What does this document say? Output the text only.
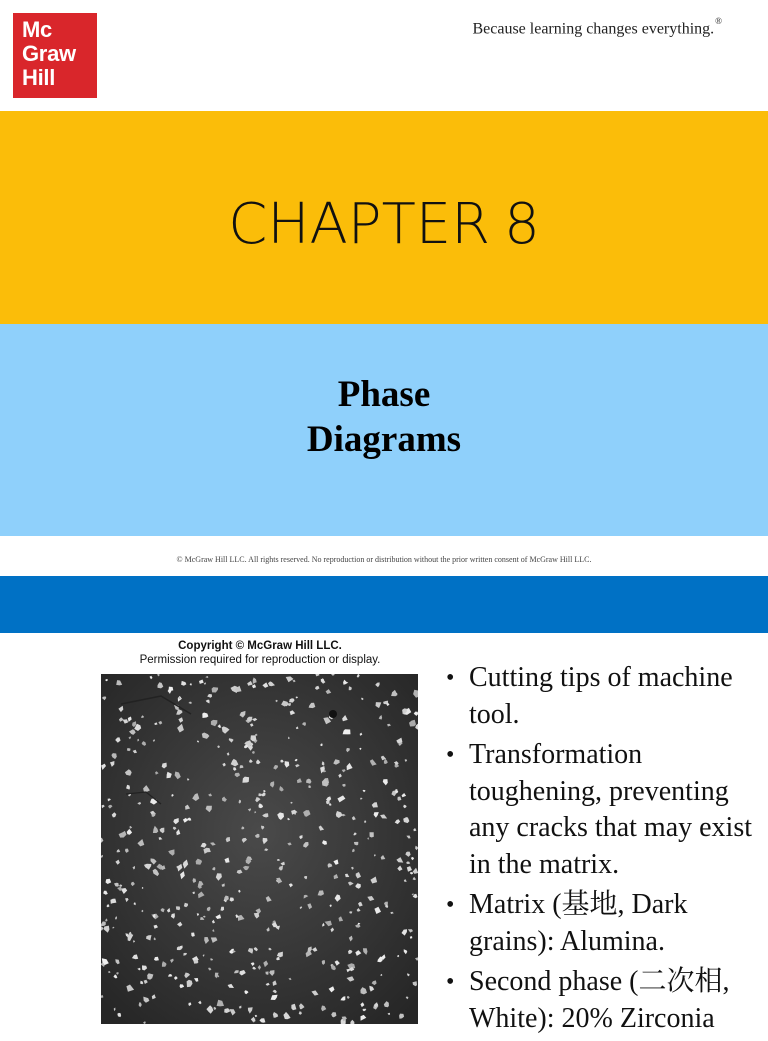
Mc
Graw
Hill
Because learning changes everything.®
CHAPTER 8
Phase
Diagrams
© McGraw Hill LLC. All rights reserved. No reproduction or distribution without the prior written consent of McGraw Hill LLC.
Copyright © McGraw Hill LLC.
Permission required for reproduction or display.
• Cutting tips of machine tool.
• Transformation toughening, preventing any cracks that may exist in the matrix.
• Matrix (基地, Dark grains): Alumina.
• Second phase (二次相, White): 20% Zirconia
